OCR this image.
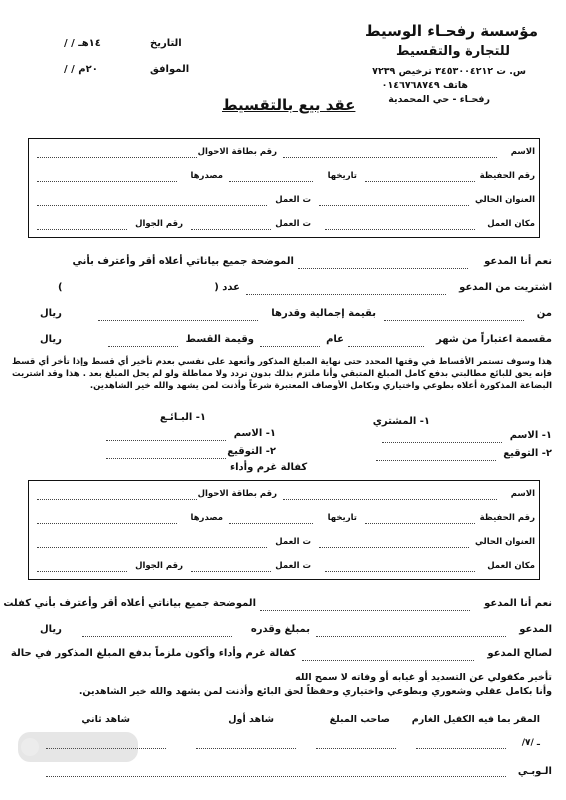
مؤسسة رفحـاء الوسيط
للتجارة والتقسيط
س. ت ٣٤٥٣٠٠٤٢١٢ ترخيص ٧٢٣٩
هاتف ٠١٤٦٧٦٨٧٤٩
رفحـاء - حي المحمدية
التاريخ
/ / ١٤هـ
الموافق
/ / ٢٠م
عقد بيع بالتقسيط
الاسم
رقم بطاقة الاحوال
رقم الحفيظة
تاريخها
مصدرها
العنوان الحالي
ت العمل
مكان العمل
ت العمل
رقم الجوال
نعم أنا المدعو
الموضحة جميع بياناتي أعلاه أقر وأعترف بأني
اشتريت من المدعو
عدد (
)
من
بقيمة إجمالية وقدرها
ريال
مقسمة اعتباراً من شهر
عام
وقيمة القسط
ريال
هذا وسوف تستمر الأقساط في وقتها المحدد حتى نهاية المبلغ المذكور وأتعهد على نفسي بعدم تأخير أي قسط وإذا تأخر أي قسط فإنه يحق للبائع مطالبتي بدفع كامل المبلغ المتبقي وأنا ملتزم بذلك بدون تردد ولا مماطلة ولو لم يحل المبلغ بعد . هذا وقد اشتريت البضاعة المذكورة أعلاه بطوعي واختياري وبكامل الأوصاف المعتبرة شرعاً وأذنت لمن يشهد والله خير الشاهدين.
١- المشتري
١- البـائـع
١- الاسم
١- الاسم
٢- التوقيع
٢- التوقيع
كفالة غرم وأداء
الاسم
رقم بطاقة الاحوال
رقم الحفيظة
تاريخها
مصدرها
العنوان الحالي
ت العمل
مكان العمل
ت العمل
رقم الجوال
نعم أنا المدعو
الموضحة جميع بياناتي أعلاه أقر وأعترف بأني كفلت
المدعو
بمبلغ وقدره
ريال
لصالح المدعو
كفالة غرم وأداء وأكون ملزماً بدفع المبلغ المذكور في حالة
تأخير مكفولي عن التسديد أو غيابه أو وفاته لا سمح الله
وأنا بكامل عقلي وشعوري وبطوعي واختياري وحفظاً لحق البائع وأذنت لمن يشهد والله خير الشاهدين.
المقر بما فيه الكفيل الغارم
صاحب المبلغ
شاهد أول
شاهد ثاني
ـ /٧/
الـوبـي
